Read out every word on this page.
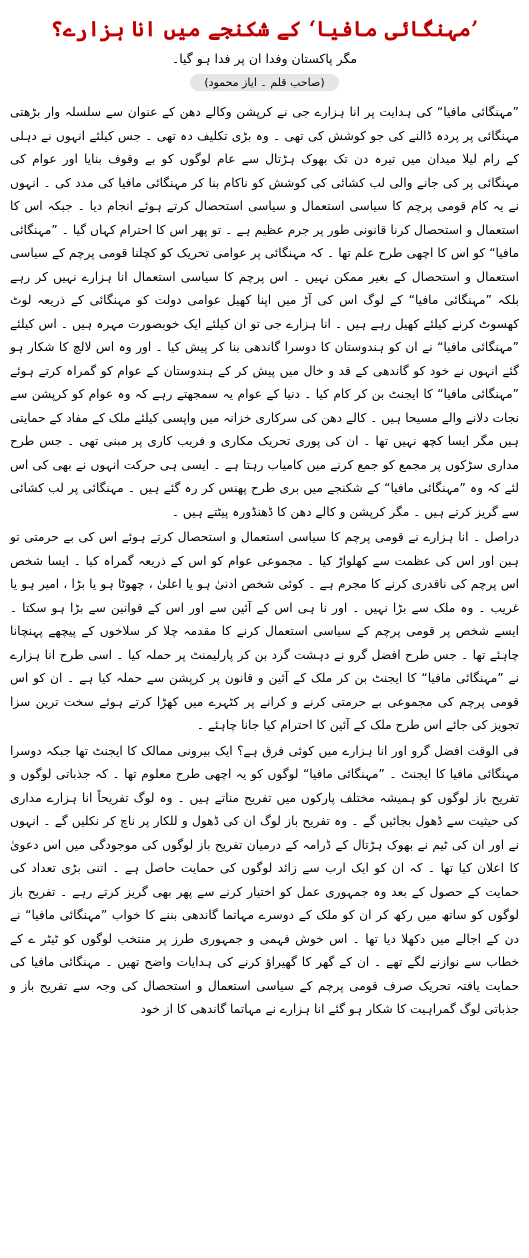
’مہنگائی مافیا‘ کے شکنجے میں انا ہزارے؟
مگر پاکستان وفدا ان پر فدا ہو گیا۔
(صاحب قلم ۔ ایاز محمود)

”مہنگائی مافیا“ کی ہدایت پر انا ہزارے جی نے کرپشن وکالے دھن کے عنوان سے سلسلہ وار بڑھتی مہنگائی پر پردہ ڈالنے کی جو کوشش کی تھی ۔ وہ بڑی تکلیف دہ تھی ۔ جس کیلئے انہوں نے دہلی کے رام لیلا میدان میں تیرہ دن تک بھوک ہڑتال سے عام لوگوں کو بے وقوف بنایا اور عوام کی مہنگائی پر کی جانے والی لب کشائی کی کوشش کو ناکام بنا کر مہنگائی مافیا کی مدد کی ۔ انہوں نے یہ کام قومی پرچم کا سیاسی استعمال و سیاسی استحصال کرتے ہوئے انجام دیا ۔ جبکہ اس کا استعمال و استحصال کرنا قانونی طور پر جرم عظیم ہے ۔ تو پھر اس کا احترام کہاں گیا ۔ ”مہنگائی مافیا“ کو اس کا اچھی طرح علم تھا ۔ کہ مہنگائی پر عوامی تحریک کو کچلنا قومی پرچم کے سیاسی استعمال و استحصال کے بغیر ممکن نہیں ۔ اس پرچم کا سیاسی استعمال انا ہزارے نہیں کر رہے بلکہ ”مہنگائی مافیا“ کے لوگ اس کی آڑ میں اپنا کھیل عوامی دولت کو مہنگائی کے ذریعہ لوٹ کھسوٹ کرنے کیلئے کھیل رہے ہیں ۔ انا ہزارے جی تو ان کیلئے ایک خوبصورت مہرہ ہیں ۔ اس کیلئے ”مہنگائی مافیا“ نے ان کو ہندوستان کا دوسرا گاندھی بنا کر پیش کیا ۔ اور وہ اس لالچ کا شکار ہو گئے انہوں نے خود کو گاندھی کے قد و خال میں پیش کر کے ہندوستان کے عوام کو گمراہ کرتے ہوئے ”مہنگائی مافیا“ کا ایجنٹ بن کر کام کیا ۔ دنیا کے عوام یہ سمجھتے رہے کہ وہ عوام کو کرپشن سے نجات دلانے والے مسیحا ہیں ۔ کالے دھن کی سرکاری خزانہ میں واپسی کیلئے ملک کے مفاد کے حمایتی ہیں مگر ایسا کچھ نہیں تھا ۔ ان کی پوری تحریک مکاری و فریب کاری پر مبنی تھی ۔ جس طرح مداری سڑکوں پر مجمع کو جمع کرنے میں کامیاب رہتا ہے ۔ ایسی ہی حرکت انہوں نے بھی کی اس لئے کہ وہ ”مہنگائی مافیا“ کے شکنجے میں بری طرح پھنس کر رہ گئے ہیں ۔ مہنگائی پر لب کشائی سے گریز کرتے ہیں ۔ مگر کرپشن و کالے دھن کا ڈھنڈورہ پیٹتے ہیں ۔

دراصل ۔ انا ہزارے نے قومی پرچم کا سیاسی استعمال و استحصال کرتے ہوئے اس کی بے حرمتی تو ہین اور اس کی عظمت سے کھلواڑ کیا ۔ مجموعی عوام کو اس کے ذریعہ گمراہ کیا ۔ ایسا شخص اس پرچم کی ناقدری کرنے کا مجرم ہے ۔ کوئی شخص ادنیٰ ہو یا اعلیٰ ، چھوٹا ہو یا بڑا ، امیر ہو یا غریب ۔ وہ ملک سے بڑا نہیں ۔ اور نا ہی اس کے آئین سے اور اس کے قوانین سے بڑا ہو سکتا ۔ ایسے شخص پر قومی پرچم کے سیاسی استعمال کرنے کا مقدمہ چلا کر سلاخوں کے پیچھے پہنچانا چاہئے تھا ۔ جس طرح افضل گرو نے دہشت گرد بن کر پارلیمنٹ پر حملہ کیا ۔ اسی طرح انا ہزارے نے ”مہنگائی مافیا“ کا ایجنٹ بن کر ملک کے آئین و قانون پر کرپشن سے حملہ کیا ہے ۔ ان کو اس قومی پرچم کی مجموعی بے حرمتی کرنے و کرانے پر کٹہرے میں کھڑا کرتے ہوئے سخت ترین سزا تجویز کی جائے اس طرح ملک کے آئین کا احترام کیا جانا چاہئے ۔

فی الوقت افضل گرو اور انا ہزارے میں کوئی فرق ہے؟ ایک بیرونی ممالک کا ایجنٹ تھا جبکہ دوسرا مہنگائی مافیا کا ایجنٹ ۔ ”مہنگائی مافیا“ لوگوں کو یہ اچھی طرح معلوم تھا ۔ کہ جذباتی لوگوں و تفریح باز لوگوں کو ہمیشہ مختلف پارکوں میں تفریح مناتے ہیں ۔ وہ لوگ تفریحاً انا ہزارے مداری کی حیثیت سے ڈھول بجائیں گے ۔ وہ تفریح باز لوگ ان کی ڈھول و للکار پر ناچ کر نکلیں گے ۔ انہوں نے اور ان کی ٹیم نے بھوک ہڑتال کے ڈرامہ کے درمیان تفریح باز لوگوں کی موجودگی میں اس دعویٰ کا اعلان کیا تھا ۔ کہ ان کو ایک ارب سے زائد لوگوں کی حمایت حاصل ہے ۔ اتنی بڑی تعداد کی حمایت کے حصول کے بعد وہ جمہوری عمل کو اختیار کرنے سے پھر بھی گریز کرتے رہے ۔ تفریح باز لوگوں کو ساتھ میں رکھ کر ان کو ملک کے دوسرے مہاتما گاندھی بننے کا خواب ”مہنگائی مافیا“ نے دن کے اجالے میں دکھلا دیا تھا ۔ اس خوش فہمی و جمہوری طرز پر منتخب لوگوں کو ٹیٹر ے کے خطاب سے نوازنے لگے تھے ۔ ان کے گھر کا گھیراؤ کرنے کی ہدایات واضح تھیں ۔ مہنگائی مافیا کی حمایت یافتہ تحریک صرف قومی پرچم کے سیاسی استعمال و استحصال کی وجہ سے تفریح باز و جذباتی لوگ گمراہیت کا شکار ہو گئے انا ہزارے نے مہاتما گاندھی کا از خود
